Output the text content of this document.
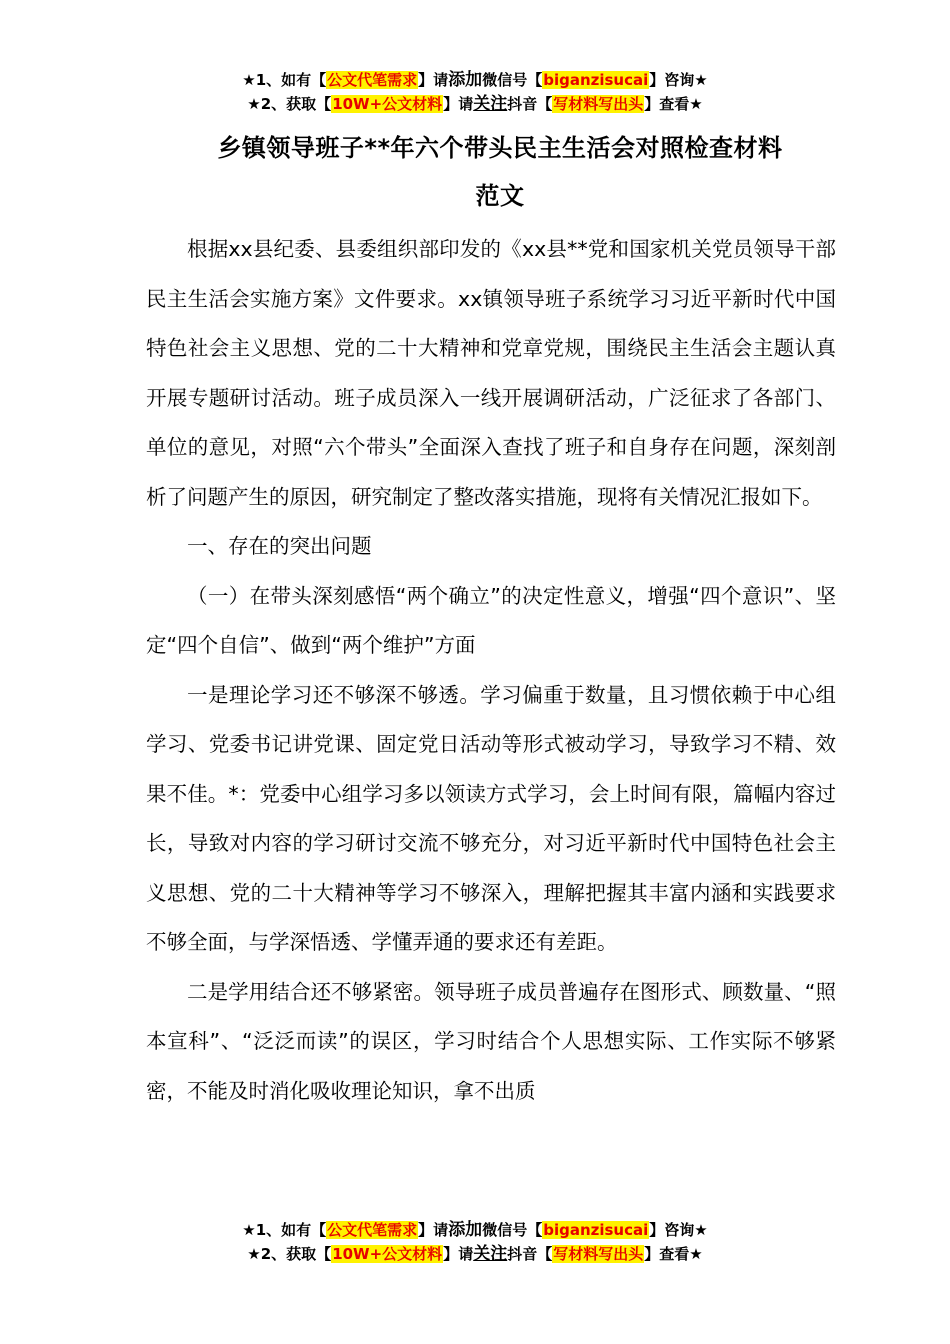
★1、如有【公文代笔需求】请添加微信号【biganzisucai】咨询★
★2、获取【10W+公文材料】请关注抖音【写材料写出头】查看★
乡镇领导班子**年六个带头民主生活会对照检查材料
范文

根据xx县纪委、县委组织部印发的《xx县**党和国家机关党员领导干部民主生活会实施方案》文件要求。xx镇领导班子系统学习习近平新时代中国特色社会主义思想、党的二十大精神和党章党规，围绕民主生活会主题认真开展专题研讨活动。班子成员深入一线开展调研活动，广泛征求了各部门、单位的意见，对照“六个带头”全面深入查找了班子和自身存在问题，深刻剖析了问题产生的原因，研究制定了整改落实措施，现将有关情况汇报如下。

一、存在的突出问题

（一）在带头深刻感悟“两个确立”的决定性意义，增强“四个意识”、坚定“四个自信”、做到“两个维护”方面

一是理论学习还不够深不够透。学习偏重于数量，且习惯依赖于中心组学习、党委书记讲党课、固定党日活动等形式被动学习，导致学习不精、效果不佳。*：党委中心组学习多以领读方式学习，会上时间有限，篇幅内容过长，导致对内容的学习研讨交流不够充分，对习近平新时代中国特色社会主义思想、党的二十大精神等学习不够深入，理解把握其丰富内涵和实践要求不够全面，与学深悟透、学懂弄通的要求还有差距。

二是学用结合还不够紧密。领导班子成员普遍存在图形式、顾数量、“照本宣科”、“泛泛而读”的误区，学习时结合个人思想实际、工作实际不够紧密，不能及时消化吸收理论知识，拿不出质

★1、如有【公文代笔需求】请添加微信号【biganzisucai】咨询★
★2、获取【10W+公文材料】请关注抖音【写材料写出头】查看★
